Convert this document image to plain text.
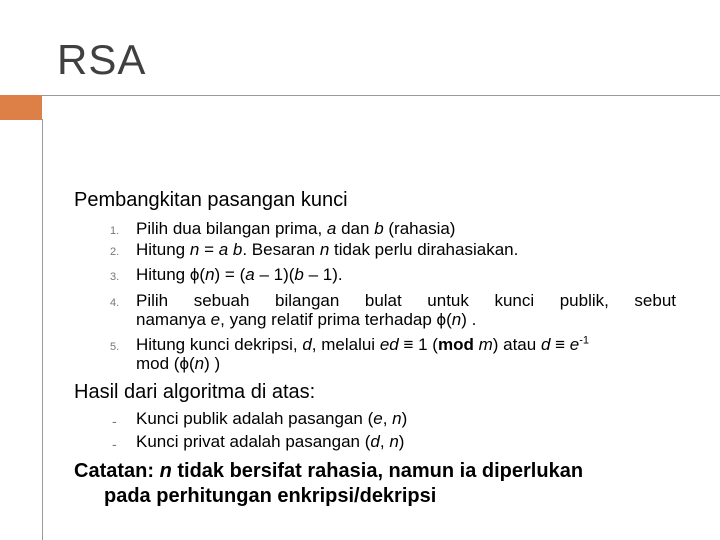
RSA
Pembangkitan pasangan kunci
1. Pilih dua bilangan prima, a dan b (rahasia)
2. Hitung n = a b. Besaran n tidak perlu dirahasiakan.
3. Hitung ϕ(n) = (a – 1)(b – 1).
4. Pilih sebuah bilangan bulat untuk kunci publik, sebut
namanya e, yang relatif prima terhadap ϕ(n) .
5. Hitung kunci dekripsi, d, melalui ed ≡ 1 (mod m) atau $d \equiv e^{-1}$
mod (ϕ(n) )
Hasil dari algoritma di atas:
- Kunci publik adalah pasangan (e, n)
- Kunci privat adalah pasangan (d, n)
Catatan: n tidak bersifat rahasia, namun ia diperlukan
pada perhitungan enkripsi/dekripsi
